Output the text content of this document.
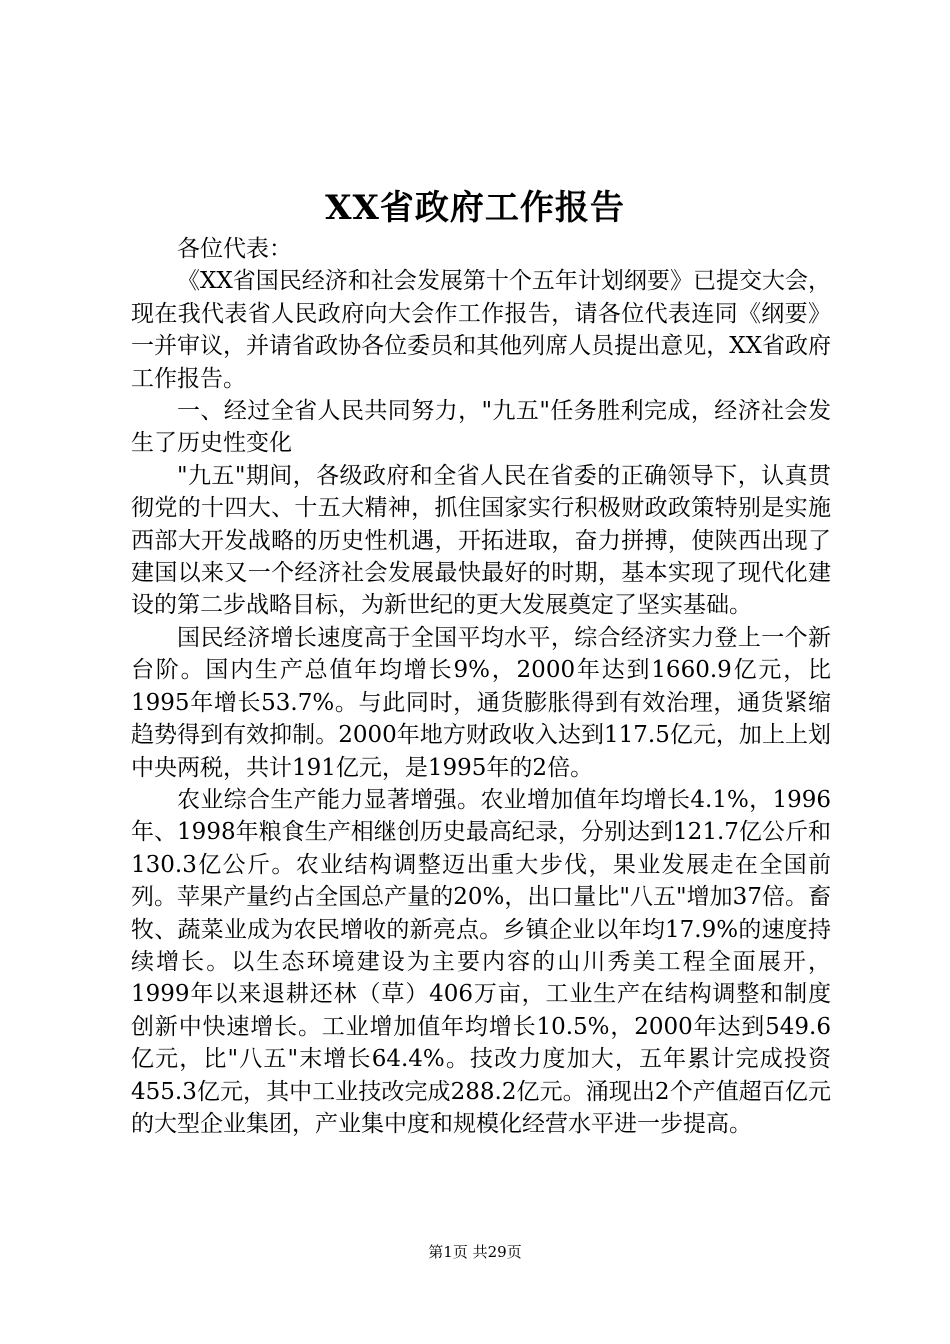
XX省政府工作报告

各位代表：

《XX省国民经济和社会发展第十个五年计划纲要》已提交大会，现在我代表省人民政府向大会作工作报告，请各位代表连同《纲要》一并审议，并请省政协各位委员和其他列席人员提出意见，XX省政府工作报告。

一、经过全省人民共同努力，"九五"任务胜利完成，经济社会发生了历史性变化

"九五"期间，各级政府和全省人民在省委的正确领导下，认真贯彻党的十四大、十五大精神，抓住国家实行积极财政政策特别是实施西部大开发战略的历史性机遇，开拓进取，奋力拼搏，使陕西出现了建国以来又一个经济社会发展最快最好的时期，基本实现了现代化建设的第二步战略目标，为新世纪的更大发展奠定了坚实基础。

国民经济增长速度高于全国平均水平，综合经济实力登上一个新台阶。国内生产总值年均增长9%，2000年达到1660.9亿元，比1995年增长53.7%。与此同时，通货膨胀得到有效治理，通货紧缩趋势得到有效抑制。2000年地方财政收入达到117.5亿元，加上上划中央两税，共计191亿元，是1995年的2倍。

农业综合生产能力显著增强。农业增加值年均增长4.1%，1996年、1998年粮食生产相继创历史最高纪录，分别达到121.7亿公斤和130.3亿公斤。农业结构调整迈出重大步伐，果业发展走在全国前列。苹果产量约占全国总产量的20%，出口量比"八五"增加37倍。畜牧、蔬菜业成为农民增收的新亮点。乡镇企业以年均17.9%的速度持续增长。以生态环境建设为主要内容的山川秀美工程全面展开，1999年以来退耕还林（草）406万亩，工业生产在结构调整和制度创新中快速增长。工业增加值年均增长10.5%，2000年达到549.6亿元，比"八五"末增长64.4%。技改力度加大，五年累计完成投资455.3亿元，其中工业技改完成288.2亿元。涌现出2个产值超百亿元的大型企业集团，产业集中度和规模化经营水平进一步提高。

第1页 共29页
